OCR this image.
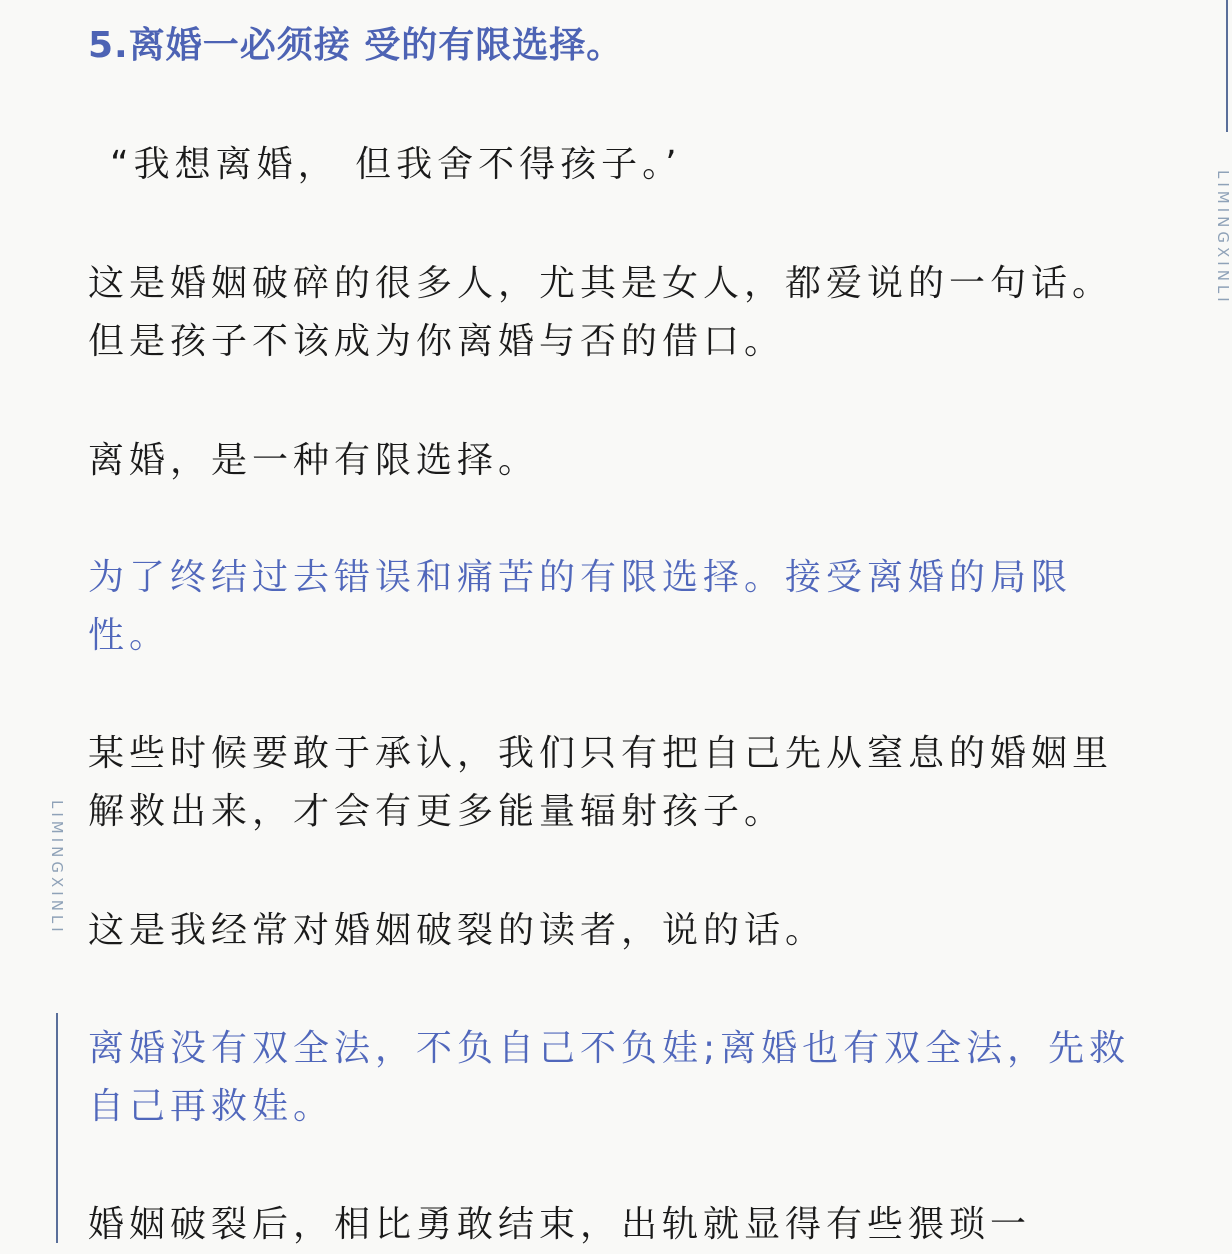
LIMINGXINLI
LIMINGXINLI
5.离婚一必须接 受的有限选择。
“我想离婚， 但我舍不得孩子。’
这是婚姻破碎的很多人，尤其是女人，都爱说的一句话。
但是孩子不该成为你离婚与否的借口。
离婚，是一种有限选择。
为了终结过去错误和痛苦的有限选择。接受离婚的局限
性。
某些时候要敢于承认，我们只有把自己先从窒息的婚姻里
解救出来，才会有更多能量辐射孩子。
这是我经常对婚姻破裂的读者，说的话。
离婚没有双全法，不负自己不负娃;离婚也有双全法，先救
自己再救娃。
婚姻破裂后，相比勇敢结束，出轨就显得有些猥琐一
